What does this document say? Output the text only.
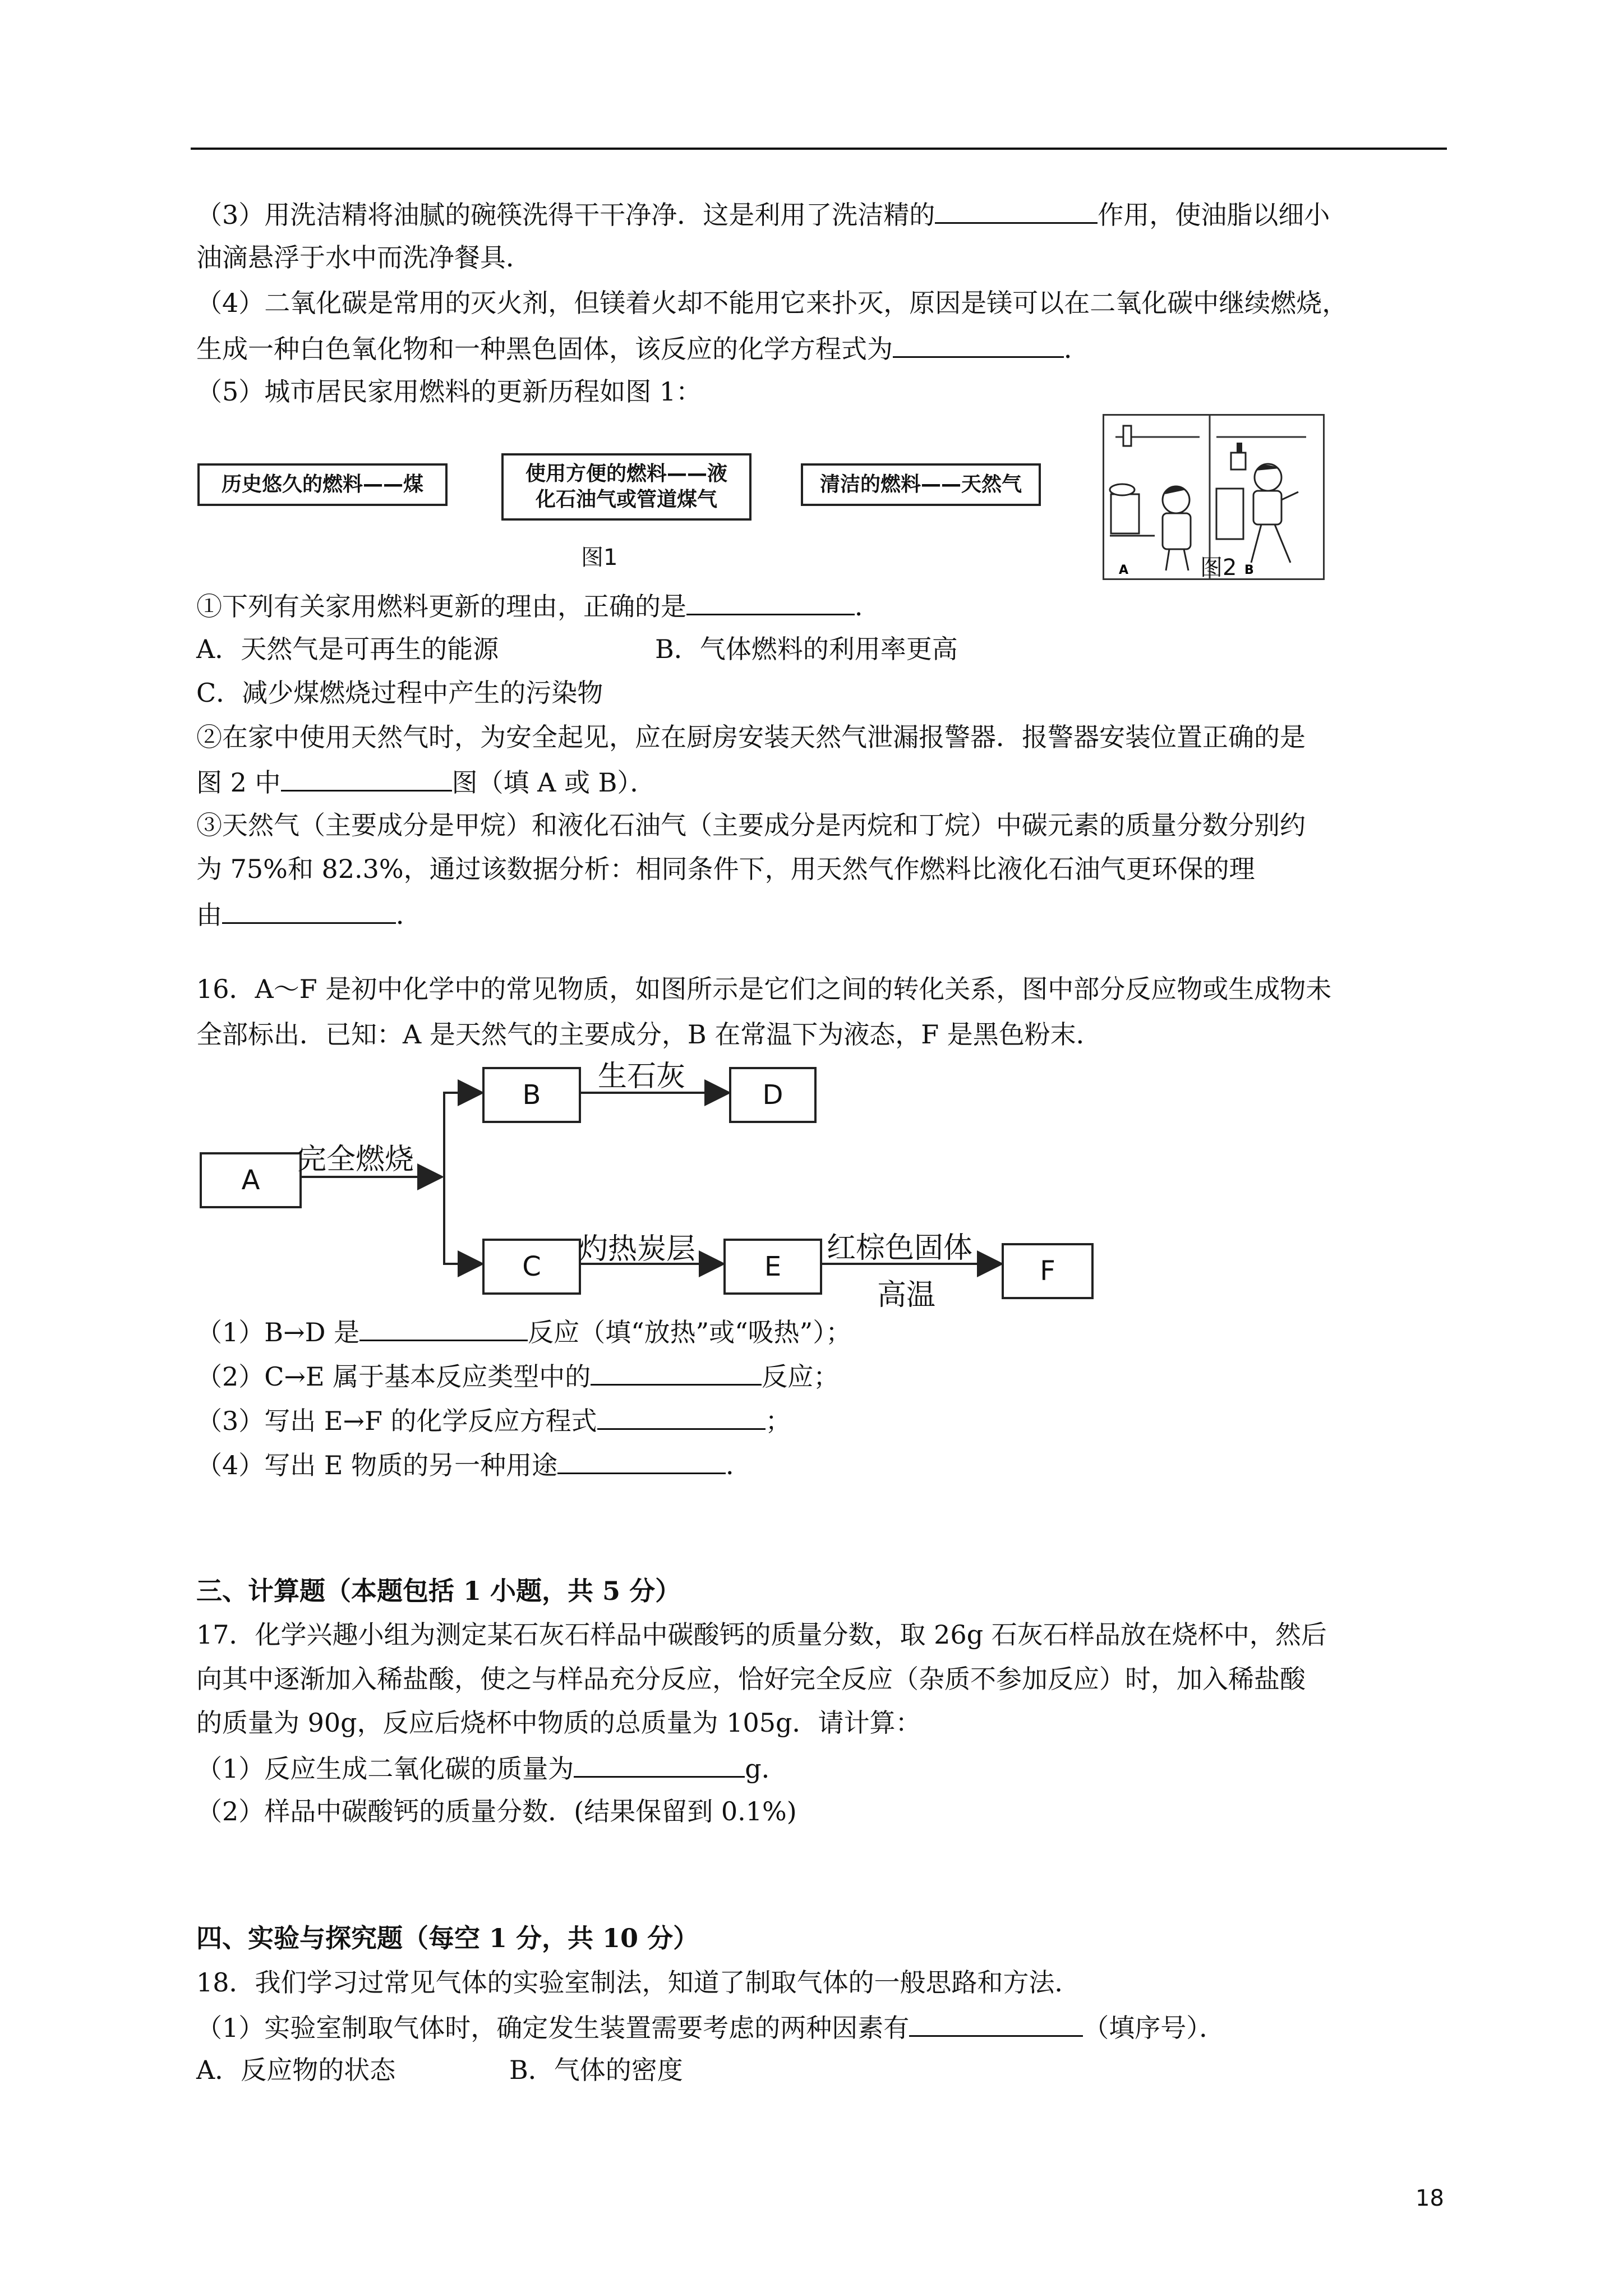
（3）用洗洁精将油腻的碗筷洗得干干净净．这是利用了洗洁精的	作用，使油脂以细小
油滴悬浮于水中而洗净餐具．
（4）二氧化碳是常用的灭火剂，但镁着火却不能用它来扑灭，原因是镁可以在二氧化碳中继续燃烧，
生成一种白色氧化物和一种黑色固体，该反应的化学方程式为	．
（5）城市居民家用燃料的更新历程如图 1：
历史悠久的燃料——煤	使用方便的燃料——液
化石油气或管道煤气
清洁的燃料——天然气
图1	A	B
图2
①下列有关家用燃料更新的理由，正确的是	．
A．天然气是可再生的能源	B．气体燃料的利用率更高
C．减少煤燃烧过程中产生的污染物
②在家中使用天然气时，为安全起见，应在厨房安装天然气泄漏报警器．报警器安装位置正确的是
图 2 中	图（填 A 或 B）．
③天然气（主要成分是甲烷）和液化石油气（主要成分是丙烷和丁烷）中碳元素的质量分数分别约
为 75%和 82.3%，通过该数据分析：相同条件下，用天然气作燃料比液化石油气更环保的理
由	．
16．A～F 是初中化学中的常见物质，如图所示是它们之间的转化关系，图中部分反应物或生成物未
全部标出．已知：A 是天然气的主要成分，B 在常温下为液态，F 是黑色粉末．
A
B	D
C	E	F
完全燃烧
生石灰
灼热炭层	红棕色固体
高温
（1）B→D 是	反应（填“放热”或“吸热”）；
（2）C→E 属于基本反应类型中的	反应；
（3）写出 E→F 的化学反应方程式	；
（4）写出 E 物质的另一种用途	．
三、计算题（本题包括 1 小题，共 5 分）
17．化学兴趣小组为测定某石灰石样品中碳酸钙的质量分数，取 26g 石灰石样品放在烧杯中，然后
向其中逐渐加入稀盐酸，使之与样品充分反应，恰好完全反应（杂质不参加反应）时，加入稀盐酸
的质量为 90g，反应后烧杯中物质的总质量为 105g．请计算：
（1）反应生成二氧化碳的质量为	g．
（2）样品中碳酸钙的质量分数．(结果保留到 0.1%)
四、实验与探究题（每空 1 分，共 10 分）
18．我们学习过常见气体的实验室制法，知道了制取气体的一般思路和方法．
（1）实验室制取气体时，确定发生装置需要考虑的两种因素有	（填序号）．
A．反应物的状态	B．气体的密度
18
